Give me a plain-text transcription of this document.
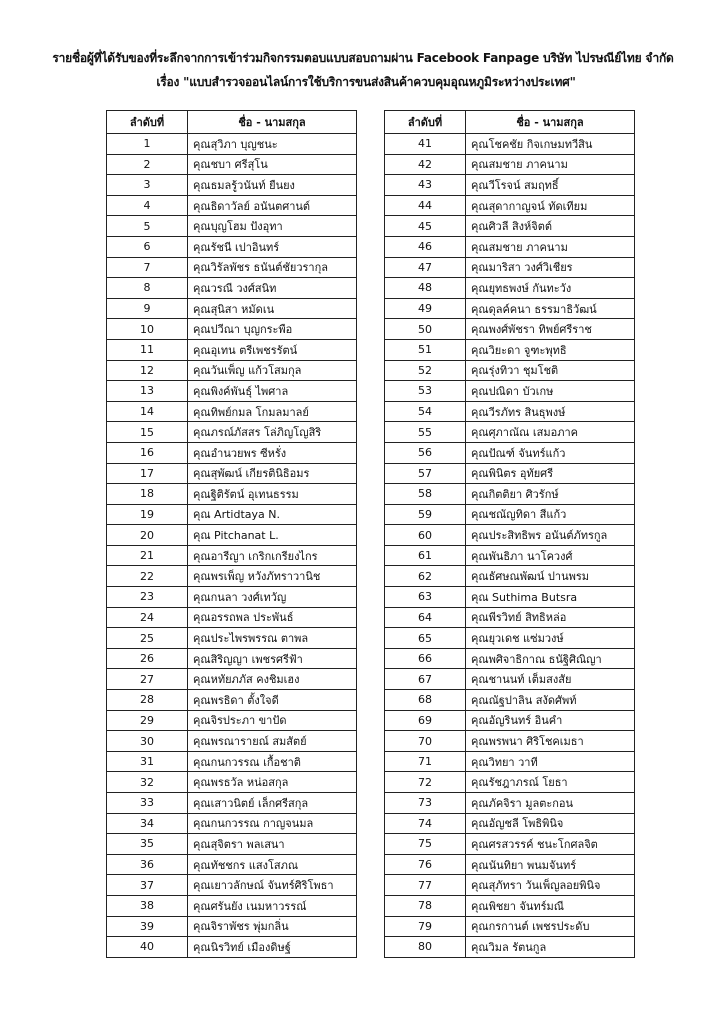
รายชื่อผู้ที่ได้รับของที่ระลึกจากการเข้าร่วมกิจกรรมตอบแบบสอบถามผ่าน Facebook Fanpage บริษัท ไปรษณีย์ไทย จำกัด
เรื่อง "แบบสำรวจออนไลน์การใช้บริการขนส่งสินค้าควบคุมอุณหภูมิระหว่างประเทศ"
ลำดับที่	ชื่อ - นามสกุล
1	คุณสุวิภา บุญชนะ
2	คุณชบา ศรีสุโน
3	คุณธมลรู้วนันท์ ยืนยง
4	คุณธิดาวัลย์ อนันตศานต์
5	คุณบุญโฮม ปังอุทา
6	คุณรัชนี เปาอินทร์
7	คุณวิรัลพัชร ธนันต์ชัยวรากุล
8	คุณวรณี วงศ์สนิท
9	คุณสุนิสา หมัดเน
10	คุณปวีณา บุญกระพือ
11	คุณอุเทน ตรีเพชรรัตน์
12	คุณวันเพ็ญ แก้วโสมกุล
13	คุณพิงค์พันธุ์ ไพศาล
14	คุณทิพย์กมล โกมลมาลย์
15	คุณภรณ์ภัสสร โล่ภิญโญสิริ
16	คุณอำนวยพร ซีหรั่ง
17	คุณสุพัฒน์ เกียรตินิธิอมร
18	คุณฐิติรัตน์ อุเทนธรรม
19	คุณ Artidtaya N.
20	คุณ Pitchanat L.
21	คุณอารีญา เกริกเกรียงไกร
22	คุณพรเพ็ญ หวังภัทราวานิช
23	คุณกนลา วงศ์เทวัญ
24	คุณอรรถพล ประพันธ์
25	คุณประไพรพรรณ ตาพล
26	คุณสิริญญา เพชรศรีฟ้า
27	คุณหทัยภภัส คงชิมเฮง
28	คุณพรธิดา ตั้งใจดี
29	คุณจิรประภา ขาปัด
30	คุณพรณารายณ์ สมสัตย์
31	คุณกนกวรรณ เกื้อชาติ
32	คุณพรธวัล หน่อสกุล
33	คุณเสาวนิตย์ เล็กศรีสกุล
34	คุณกนกวรรณ กาญจนมล
35	คุณสุจิตรา พลเสนา
36	คุณทัชชกร แสงโสภณ
37	คุณเยาวลักษณ์ จันทร์ศิริโพธา
38	คุณศรันยัง เนมหาวรรณ์
39	คุณจิราพัชร พุ่มกลิ่น
40	คุณนิรวิทย์ เมืองดิษฐ์
ลำดับที่	ชื่อ - นามสกุล
41	คุณโชคชัย กิจเกษมทวีสิน
42	คุณสมชาย ภาคนาม
43	คุณวีโรจน์ สมฤทธิ์
44	คุณสุดากาญจน์ ทัดเทียม
45	คุณศิวลี สิงห์จิตต์
46	คุณสมชาย ภาคนาม
47	คุณมาริสา วงศ์วิเชียร
48	คุณยุทธพงษ์ กันทะวัง
49	คุณดุลค์คนา ธรรมาธิวัฒน์
50	คุณพงศ์พัชรา ทิพย์ศรีราช
51	คุณวิยะดา จูฑะพุทธิ
52	คุณรุ่งทิวา ชุมโชติ
53	คุณปณิดา บัวเกษ
54	คุณวีรภัทร สินธุพงษ์
55	คุณศุภาณัณ เสมอภาค
56	คุณปัณฑ์ จันทร์แก้ว
57	คุณพินิตร อุทัยศรี
58	คุณกิตติยา ศิวรักษ์
59	คุณชณัญทิดา สีแก้ว
60	คุณประสิทธิพร อนันต์ภัทรกูล
61	คุณพันธิภา นาโควงศ์
62	คุณธัศษณพัฒน์ ปานพรม
63	คุณ Suthima Butsra
64	คุณพีรวิทย์ สิทธิหล่อ
65	คุณยุวเดช แซ่มวงษ์
66	คุณพศิจาธิกาณ ธนัฐิศิณิญา
67	คุณชานนท์ เต็มสงสัย
68	คุณณัฐปาลิน สงัดศัพท์
69	คุณอัญรินทร์ อินคำ
70	คุณพรพนา ศิริโชคเมธา
71	คุณวิทยา วาที
72	คุณรัชฎาภรณ์ โยธา
73	คุณภัคจิรา มูลตะกอน
74	คุณอัญชลี โพธิพินิจ
75	คุณศรสวรรค์ ชนะโกศลจิต
76	คุณนันทิยา พนมจันทร์
77	คุณสุภัทรา วันเพ็ญลอยพินิจ
78	คุณพิชยา จันทร์มณี
79	คุณกรกานต์ เพชรประดับ
80	คุณวิมล รัตนกูล
